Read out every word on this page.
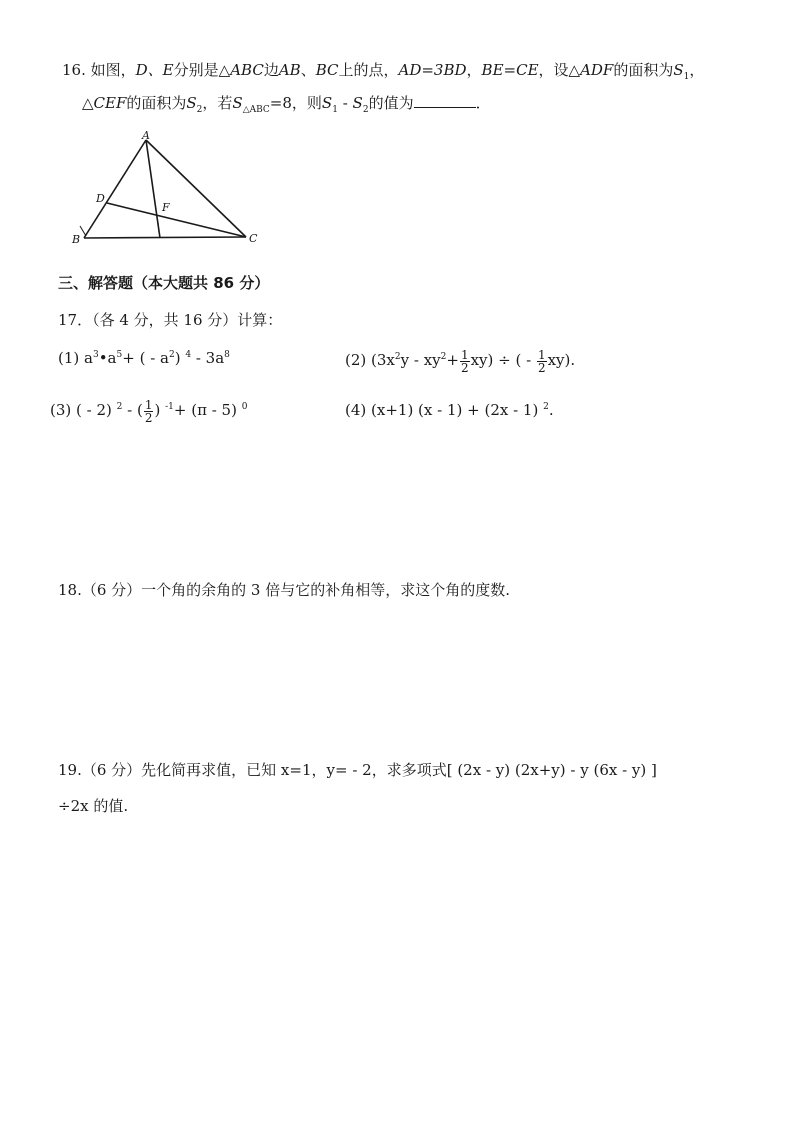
16. 如图，D、E分别是△ABC边AB、BC上的点，AD=3BD，BE=CE，设△ADF的面积为$S_1$，
△CEF的面积为$S_2$，若$S_{\triangle ABC}=8$，则$S_1 - S_2$的值为	．
A
B	C
D
F
三、解答题（本大题共 86 分）
17．（各 4 分，共 16 分）计算：
(1) $a^3•a^5+$ ( - $a^2$) $^4 - 3a^8$	(2) $(3x^2y - xy^2+ \frac{1}{2} xy)$ ÷ ( - $\frac{1}{2} xy$).
(3) ( - 2) $^2$ - ( $\frac{1}{2}$ ) $^{-1}$+ (π - 5) $^0$	(4) (x+1) (x - 1) + (2x - 1) $^2$.
18.（6 分）一个角的余角的 3 倍与它的补角相等，求这个角的度数.
19.（6 分）先化简再求值，已知 x=1，y= - 2，求多项式[ (2x - y) (2x+y) - y (6x - y) ]
÷2x 的值.
